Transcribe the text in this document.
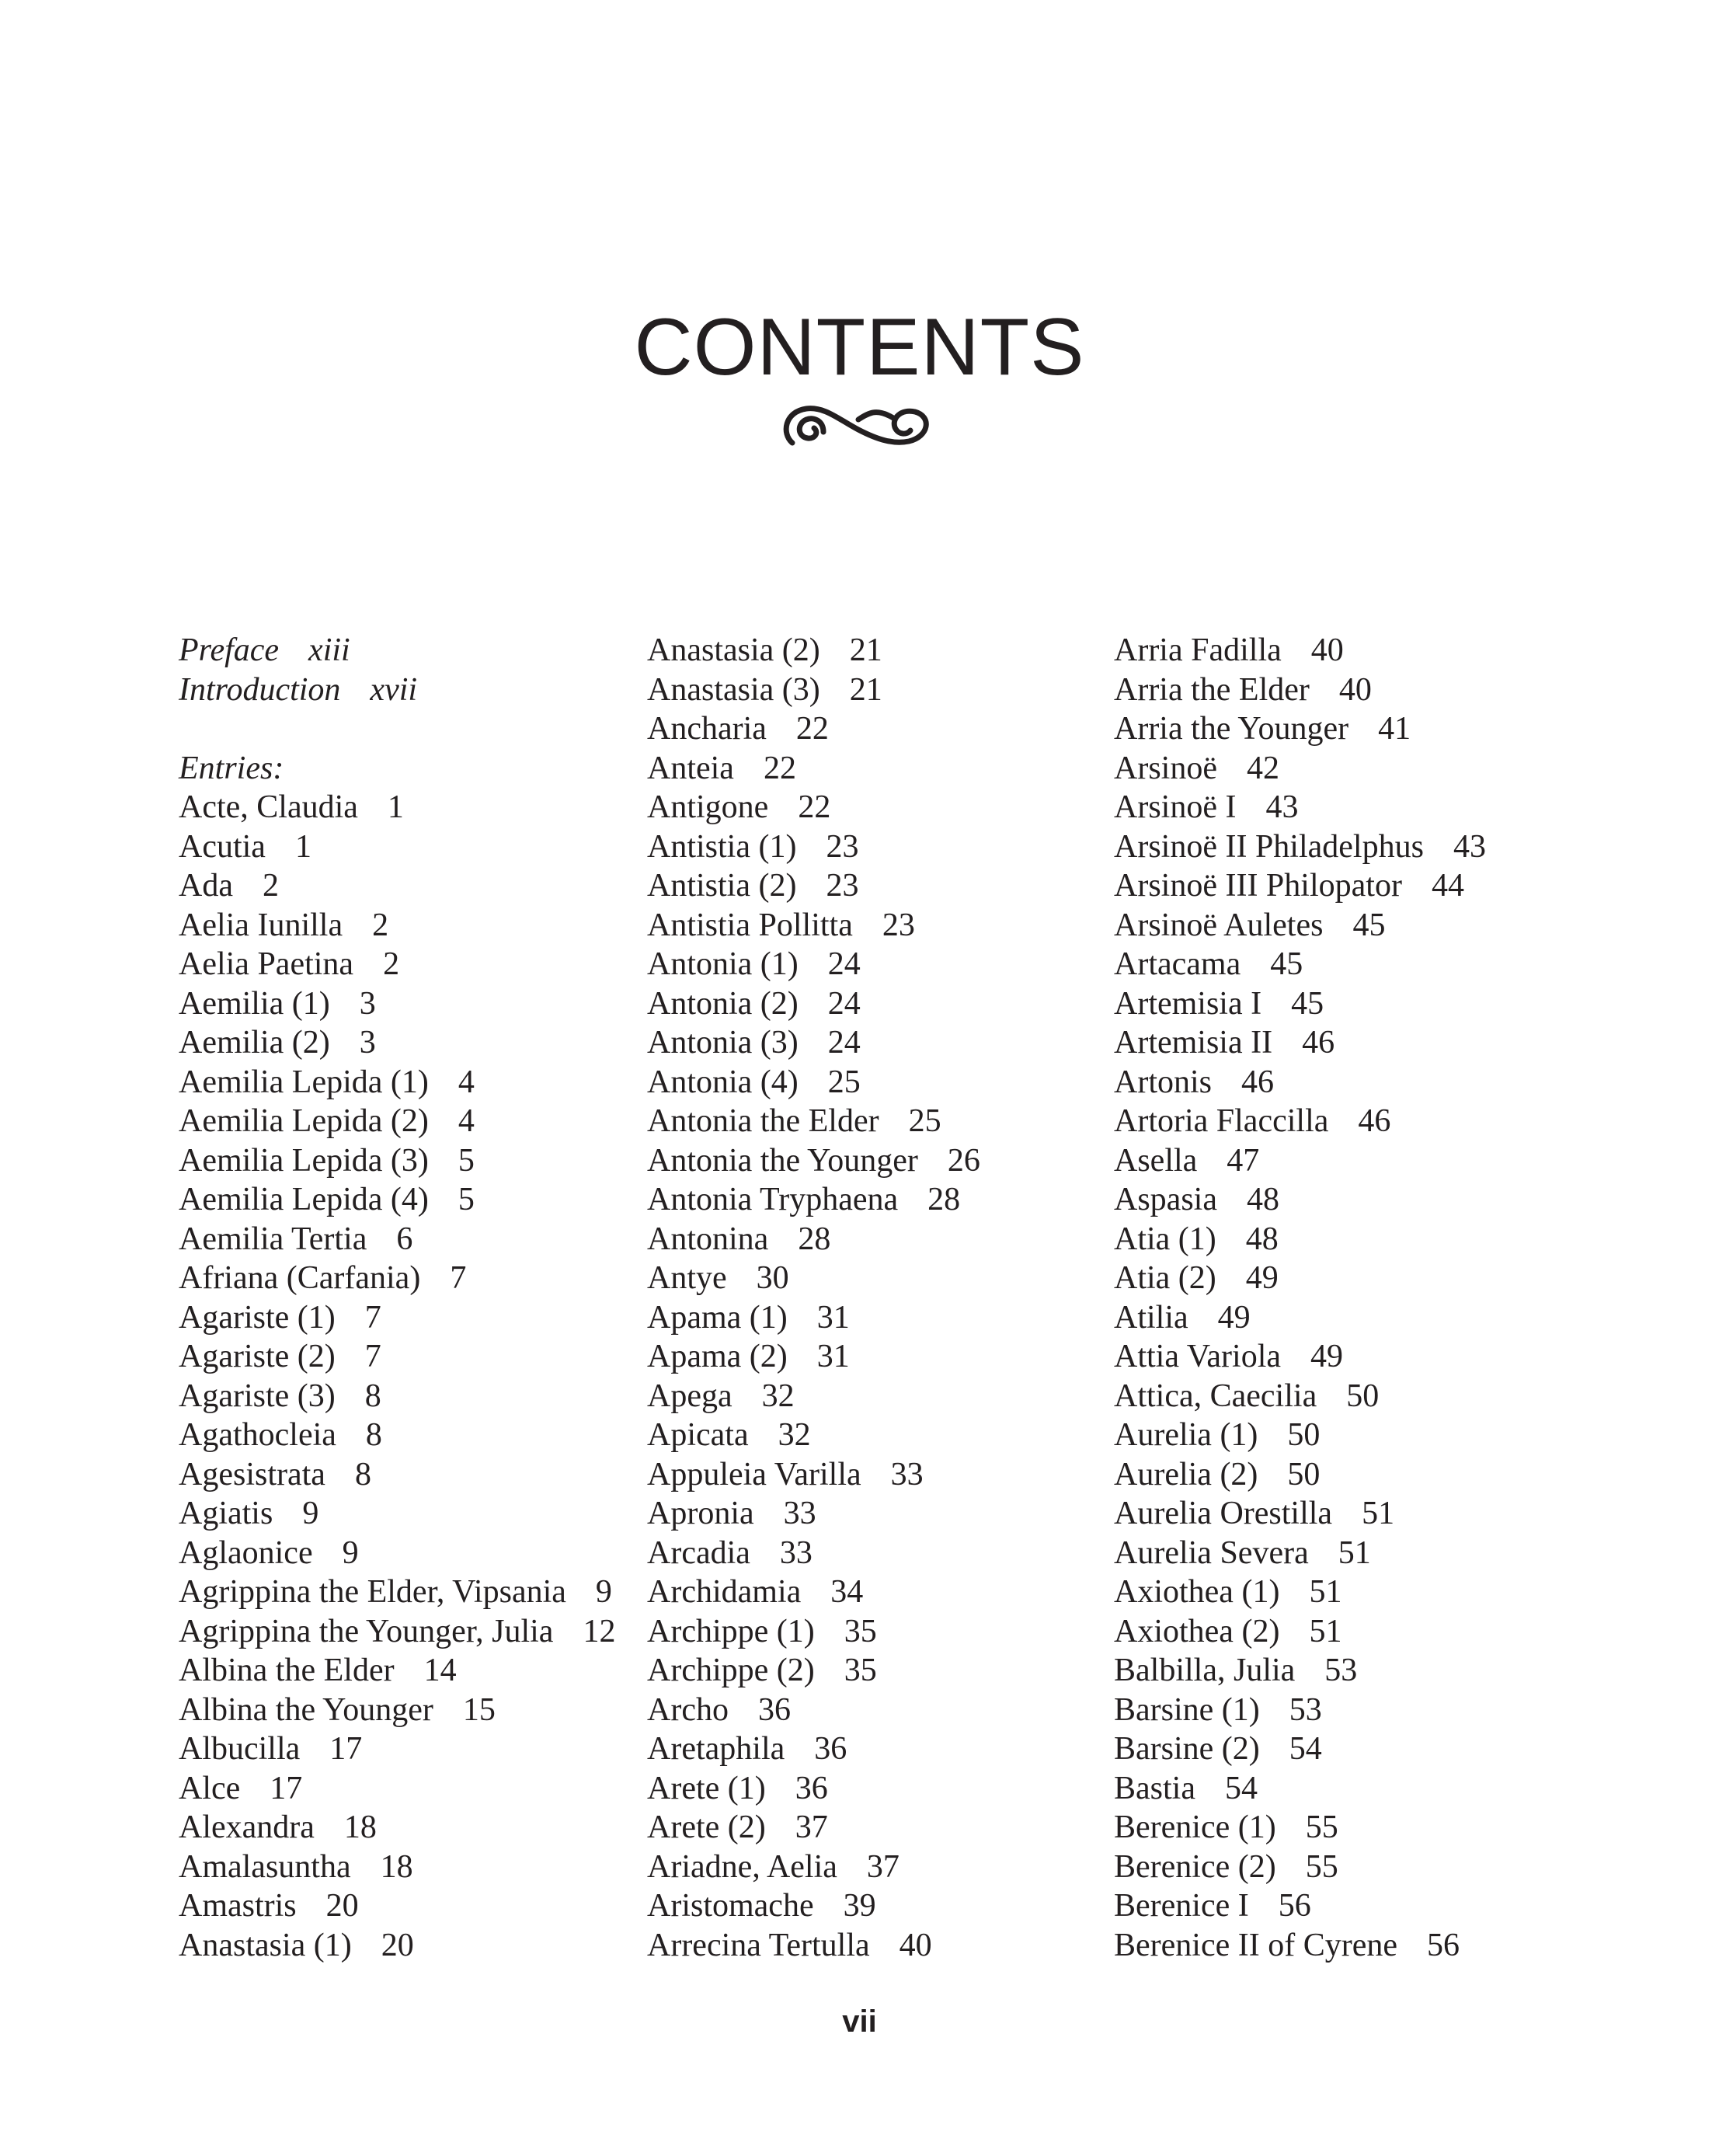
CONTENTS
Preface xiii
Introduction xvii
Entries:
Acte, Claudia 1
Acutia 1
Ada 2
Aelia Iunilla 2
Aelia Paetina 2
Aemilia (1) 3
Aemilia (2) 3
Aemilia Lepida (1) 4
Aemilia Lepida (2) 4
Aemilia Lepida (3) 5
Aemilia Lepida (4) 5
Aemilia Tertia 6
Afriana (Carfania) 7
Agariste (1) 7
Agariste (2) 7
Agariste (3) 8
Agathocleia 8
Agesistrata 8
Agiatis 9
Aglaonice 9
Agrippina the Elder, Vipsania 9
Agrippina the Younger, Julia 12
Albina the Elder 14
Albina the Younger 15
Albucilla 17
Alce 17
Alexandra 18
Amalasuntha 18
Amastris 20
Anastasia (1) 20
Anastasia (2) 21
Anastasia (3) 21
Ancharia 22
Anteia 22
Antigone 22
Antistia (1) 23
Antistia (2) 23
Antistia Pollitta 23
Antonia (1) 24
Antonia (2) 24
Antonia (3) 24
Antonia (4) 25
Antonia the Elder 25
Antonia the Younger 26
Antonia Tryphaena 28
Antonina 28
Antye 30
Apama (1) 31
Apama (2) 31
Apega 32
Apicata 32
Appuleia Varilla 33
Apronia 33
Arcadia 33
Archidamia 34
Archippe (1) 35
Archippe (2) 35
Archo 36
Aretaphila 36
Arete (1) 36
Arete (2) 37
Ariadne, Aelia 37
Aristomache 39
Arrecina Tertulla 40
Arria Fadilla 40
Arria the Elder 40
Arria the Younger 41
Arsinoë 42
Arsinoë I 43
Arsinoë II Philadelphus 43
Arsinoë III Philopator 44
Arsinoë Auletes 45
Artacama 45
Artemisia I 45
Artemisia II 46
Artonis 46
Artoria Flaccilla 46
Asella 47
Aspasia 48
Atia (1) 48
Atia (2) 49
Atilia 49
Attia Variola 49
Attica, Caecilia 50
Aurelia (1) 50
Aurelia (2) 50
Aurelia Orestilla 51
Aurelia Severa 51
Axiothea (1) 51
Axiothea (2) 51
Balbilla, Julia 53
Barsine (1) 53
Barsine (2) 54
Bastia 54
Berenice (1) 55
Berenice (2) 55
Berenice I 56
Berenice II of Cyrene 56
vii
